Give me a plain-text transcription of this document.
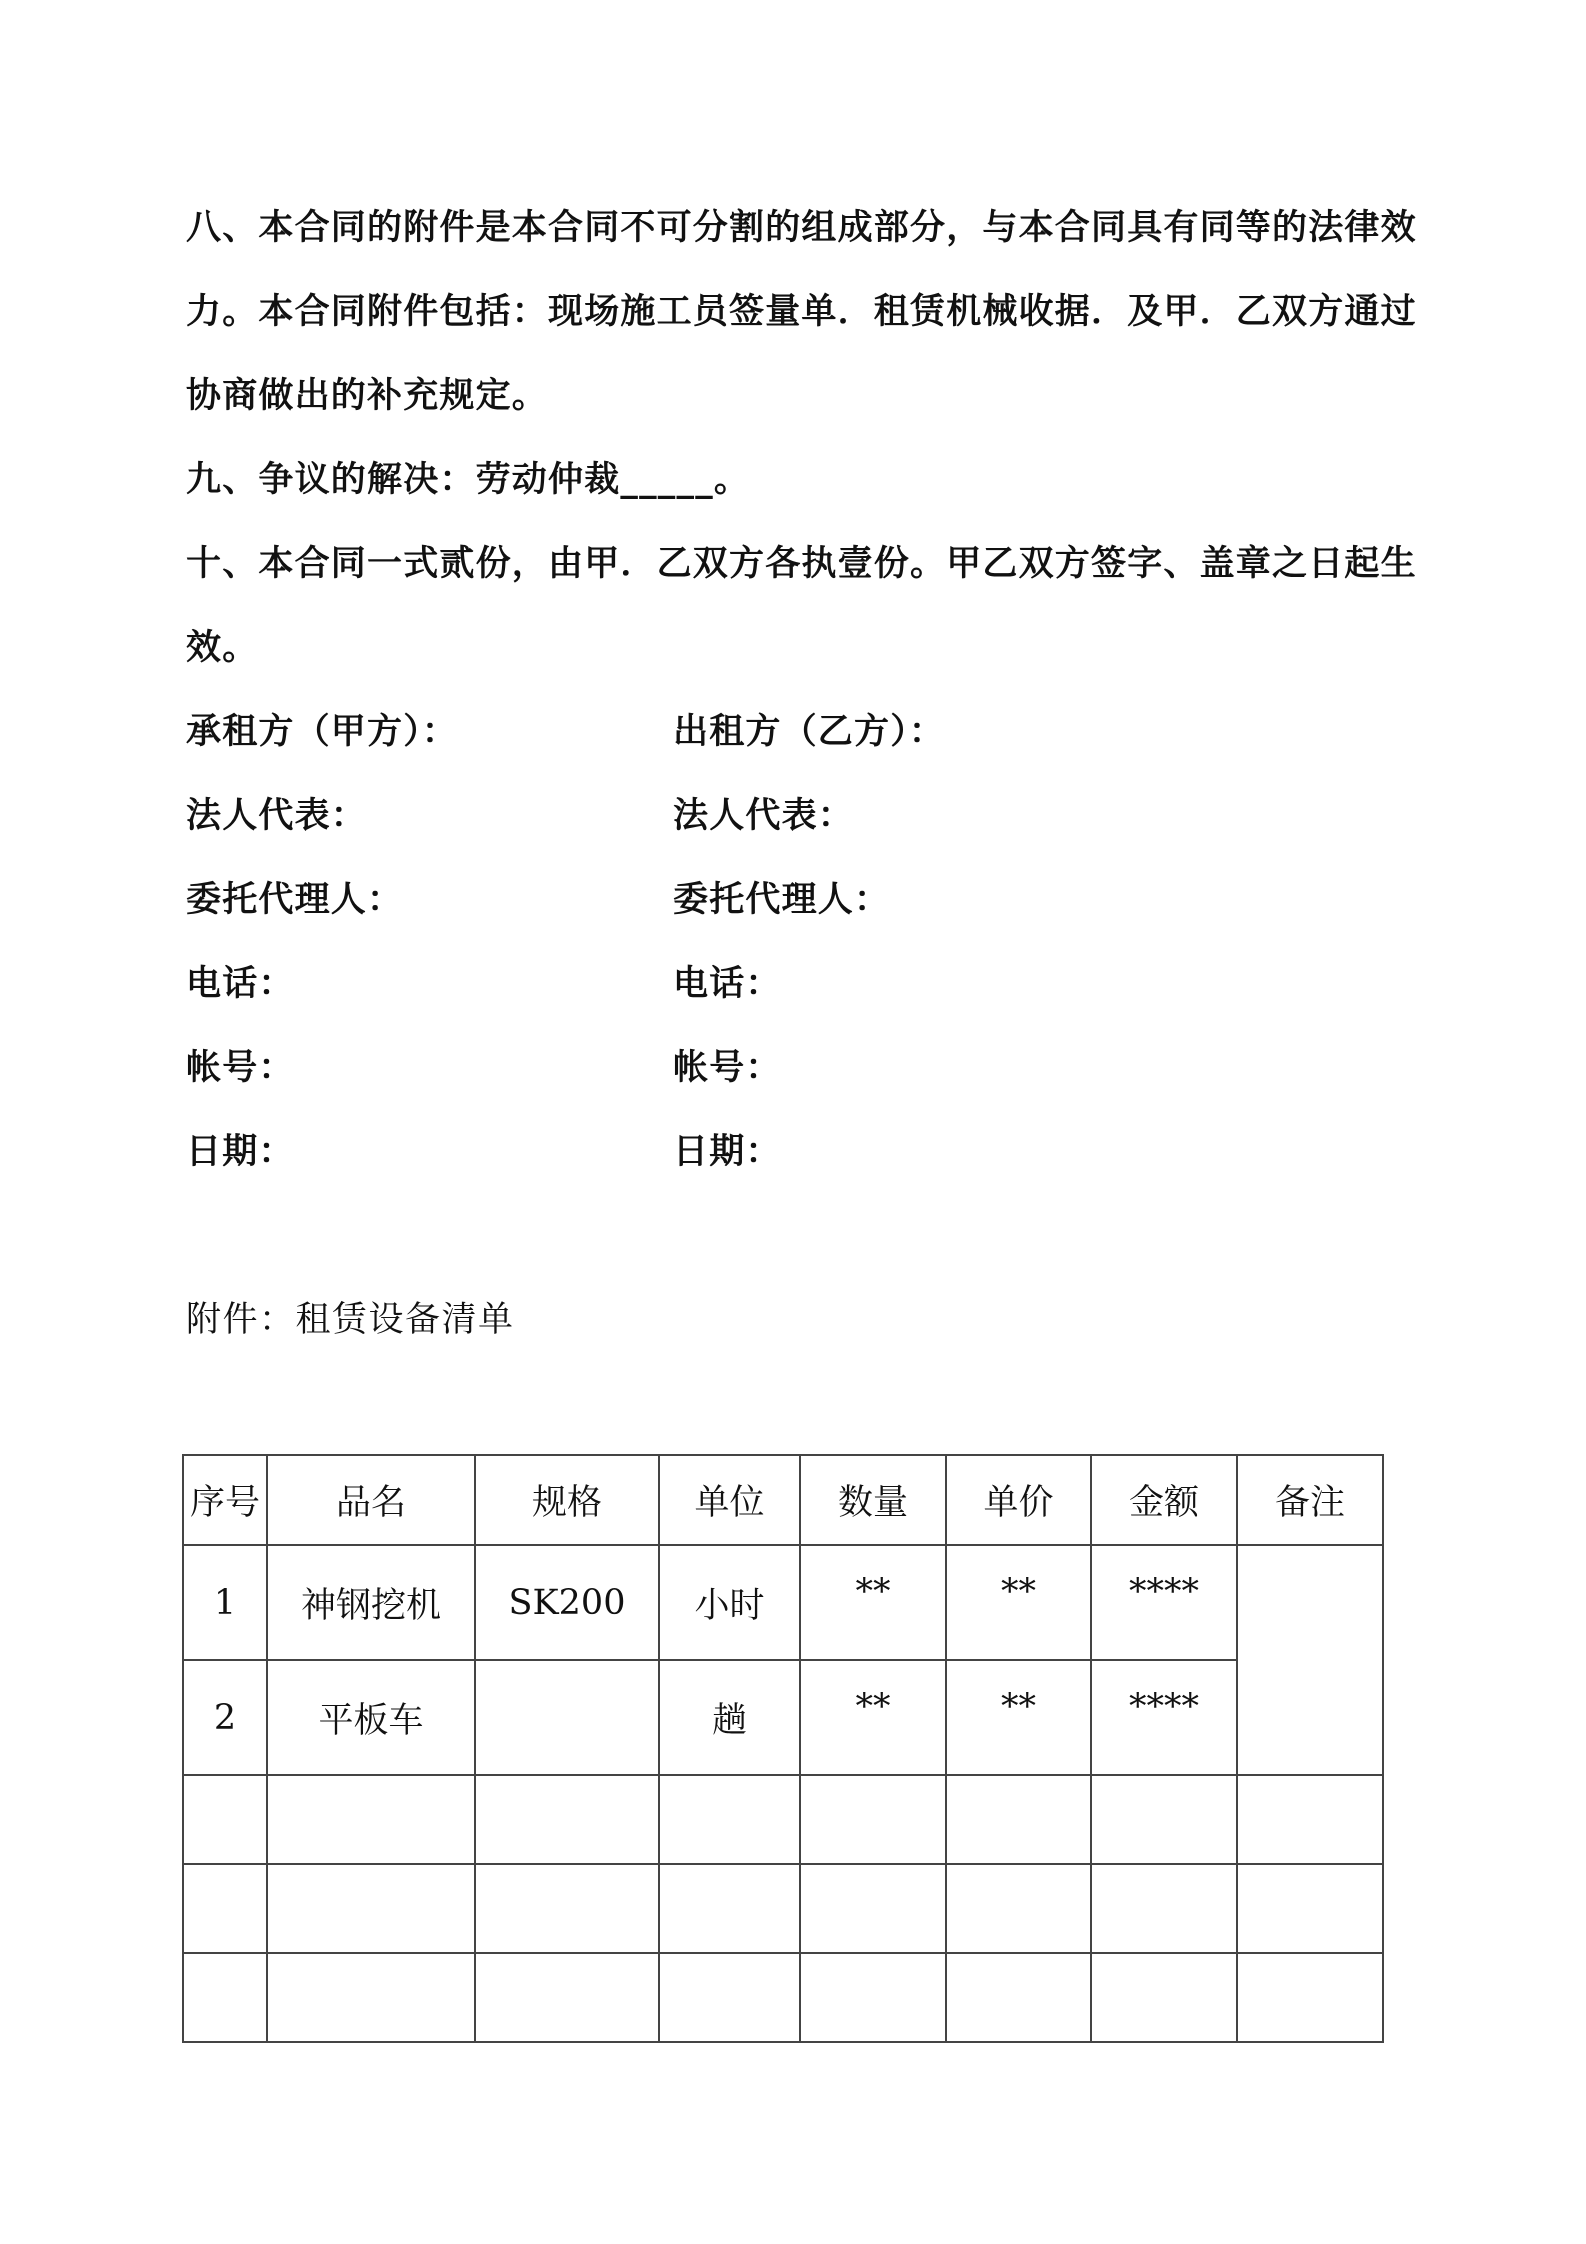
八、本合同的附件是本合同不可分割的组成部分，与本合同具有同等的法律效

力。本合同附件包括：现场施工员签量单．租赁机械收据．及甲．乙双方通过

协商做出的补充规定。

九、争议的解决：劳动仲裁_____。

十、本合同一式贰份，由甲．乙双方各执壹份。甲乙双方签字、盖章之日起生

效。

承租方（甲方）：	出租方（乙方）：
法人代表：	法人代表：
委托代理人：	委托代理人：
电话：	电话：
帐号：	帐号：
日期：	日期：
附件：租赁设备清单
序号	品名	规格	单位	数量	单价	金额	备注
1	神钢挖机	SK200	小时	**	**	****	
2	平板车		趟	**	**	****	
